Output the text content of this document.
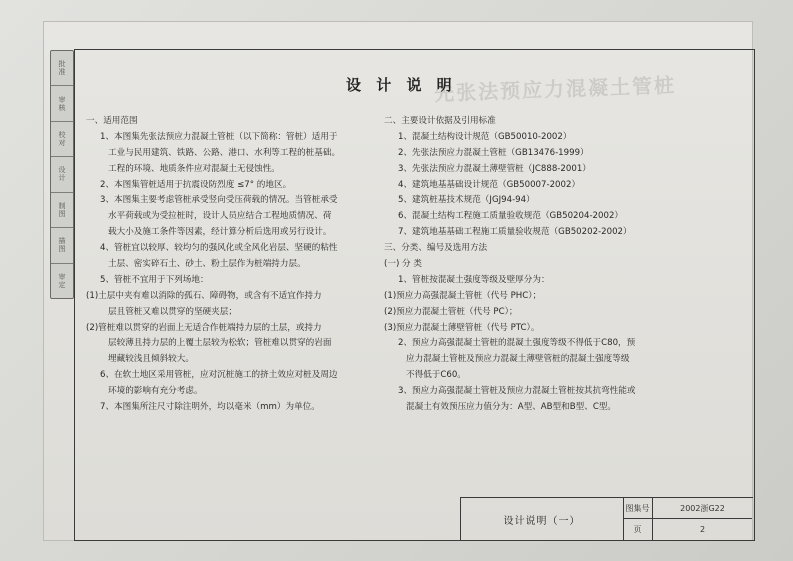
先张法预应力混凝土管桩
批准
审核
校对
设计
制图
描图
审定
设 计 说 明
一、适用范围
1、本图集先张法预应力混凝土管桩（以下简称：管桩）适用于
工业与民用建筑、铁路、公路、港口、水利等工程的桩基础。
工程的环境、地质条件应对混凝土无侵蚀性。
2、本图集管桩适用于抗震设防烈度 ≤7° 的地区。
3、本图集主要考虑管桩承受竖向受压荷载的情况。当管桩承受
水平荷载或为受拉桩时，设计人员应结合工程地质情况、荷
载大小及施工条件等因素，经计算分析后选用或另行设计。
4、管桩宜以较厚、较均匀的强风化或全风化岩层、坚硬的粘性
土层、密实碎石土、砂土、粉土层作为桩端持力层。
5、管桩不宜用于下列场地：
(1)土层中夹有难以消除的孤石、障碍物，或含有不适宜作持力
层且管桩又难以贯穿的坚硬夹层；
(2)管桩难以贯穿的岩面上无适合作桩端持力层的土层，或持力
层较薄且持力层的上覆土层较为松软；管桩难以贯穿的岩面
埋藏较浅且倾斜较大。
6、在软土地区采用管桩，应对沉桩施工的挤土效应对桩及周边
环境的影响有充分考虑。
7、本图集所注尺寸除注明外，均以毫米（mm）为单位。
二、主要设计依据及引用标准
1、混凝土结构设计规范（GB50010-2002）
2、先张法预应力混凝土管桩（GB13476-1999）
3、先张法预应力混凝土薄壁管桩（JC888-2001）
4、建筑地基基础设计规范（GB50007-2002）
5、建筑桩基技术规范（JGJ94-94）
6、混凝土结构工程施工质量验收规范（GB50204-2002）
7、建筑地基基础工程施工质量验收规范（GB50202-2002）
三、分类、编号及选用方法
(一) 分 类
1、管桩按混凝土强度等级及壁厚分为：
(1)预应力高强混凝土管桩（代号 PHC）；
(2)预应力混凝土管桩（代号 PC）；
(3)预应力混凝土薄壁管桩（代号 PTC）。
2、预应力高强混凝土管桩的混凝土强度等级不得低于C80，预
应力混凝土管桩及预应力混凝土薄壁管桩的混凝土强度等级
不得低于C60。
3、预应力高强混凝土管桩及预应力混凝土管桩按其抗弯性能或
混凝土有效预压应力值分为：A型、AB型和B型、C型。
设计说明（一）
图集号	2002浙G22
页	2
